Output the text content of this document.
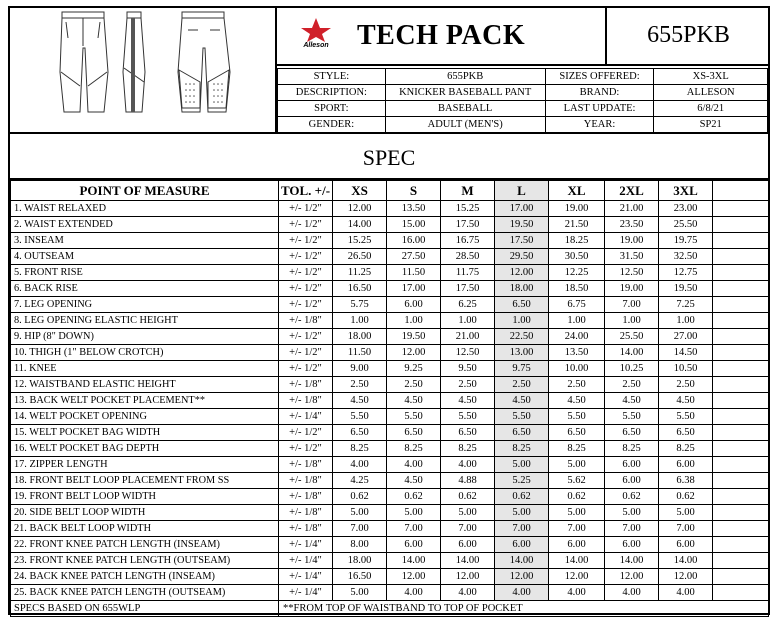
Alleson	TECH PACK	655PKB
STYLE:	655PKB	SIZES OFFERED:	XS-3XL
DESCRIPTION:	KNICKER BASEBALL PANT	BRAND:	ALLESON
SPORT:	BASEBALL	LAST UPDATE:	6/8/21
GENDER:	ADULT (MEN'S)	YEAR:	SP21
SPEC
POINT OF MEASURE	TOL. +/-	XS	S	M	L	XL	2XL	3XL	
1. WAIST RELAXED	+/- 1/2"	12.00	13.50	15.25	17.00	19.00	21.00	23.00	
2. WAIST EXTENDED	+/- 1/2"	14.00	15.00	17.50	19.50	21.50	23.50	25.50	
3. INSEAM	+/- 1/2"	15.25	16.00	16.75	17.50	18.25	19.00	19.75	
4. OUTSEAM	+/- 1/2"	26.50	27.50	28.50	29.50	30.50	31.50	32.50	
5. FRONT RISE	+/- 1/2"	11.25	11.50	11.75	12.00	12.25	12.50	12.75	
6. BACK RISE	+/- 1/2"	16.50	17.00	17.50	18.00	18.50	19.00	19.50	
7. LEG OPENING	+/- 1/2"	5.75	6.00	6.25	6.50	6.75	7.00	7.25	
8. LEG OPENING ELASTIC HEIGHT	+/- 1/8"	1.00	1.00	1.00	1.00	1.00	1.00	1.00	
9. HIP (8" DOWN)	+/- 1/2"	18.00	19.50	21.00	22.50	24.00	25.50	27.00	
10. THIGH (1" BELOW CROTCH)	+/- 1/2"	11.50	12.00	12.50	13.00	13.50	14.00	14.50	
11. KNEE	+/- 1/2"	9.00	9.25	9.50	9.75	10.00	10.25	10.50	
12. WAISTBAND ELASTIC HEIGHT	+/- 1/8"	2.50	2.50	2.50	2.50	2.50	2.50	2.50	
13. BACK WELT POCKET PLACEMENT**	+/- 1/8"	4.50	4.50	4.50	4.50	4.50	4.50	4.50	
14. WELT POCKET OPENING	+/- 1/4"	5.50	5.50	5.50	5.50	5.50	5.50	5.50	
15. WELT POCKET BAG WIDTH	+/- 1/2"	6.50	6.50	6.50	6.50	6.50	6.50	6.50	
16. WELT POCKET BAG DEPTH	+/- 1/2"	8.25	8.25	8.25	8.25	8.25	8.25	8.25	
17. ZIPPER LENGTH	+/- 1/8"	4.00	4.00	4.00	5.00	5.00	6.00	6.00	
18. FRONT BELT LOOP PLACEMENT FROM SS	+/- 1/8"	4.25	4.50	4.88	5.25	5.62	6.00	6.38	
19. FRONT BELT LOOP WIDTH	+/- 1/8"	0.62	0.62	0.62	0.62	0.62	0.62	0.62	
20. SIDE BELT LOOP WIDTH	+/- 1/8"	5.00	5.00	5.00	5.00	5.00	5.00	5.00	
21. BACK BELT LOOP WIDTH	+/- 1/8"	7.00	7.00	7.00	7.00	7.00	7.00	7.00	
22. FRONT KNEE PATCH LENGTH (INSEAM)	+/- 1/4"	8.00	6.00	6.00	6.00	6.00	6.00	6.00	
23. FRONT KNEE PATCH LENGTH (OUTSEAM)	+/- 1/4"	18.00	14.00	14.00	14.00	14.00	14.00	14.00	
24. BACK KNEE PATCH LENGTH (INSEAM)	+/- 1/4"	16.50	12.00	12.00	12.00	12.00	12.00	12.00	
25. BACK KNEE PATCH LENGTH (OUTSEAM)	+/- 1/4"	5.00	4.00	4.00	4.00	4.00	4.00	4.00	
SPECS BASED ON 655WLP	**FROM TOP OF WAISTBAND TO TOP OF POCKET								
